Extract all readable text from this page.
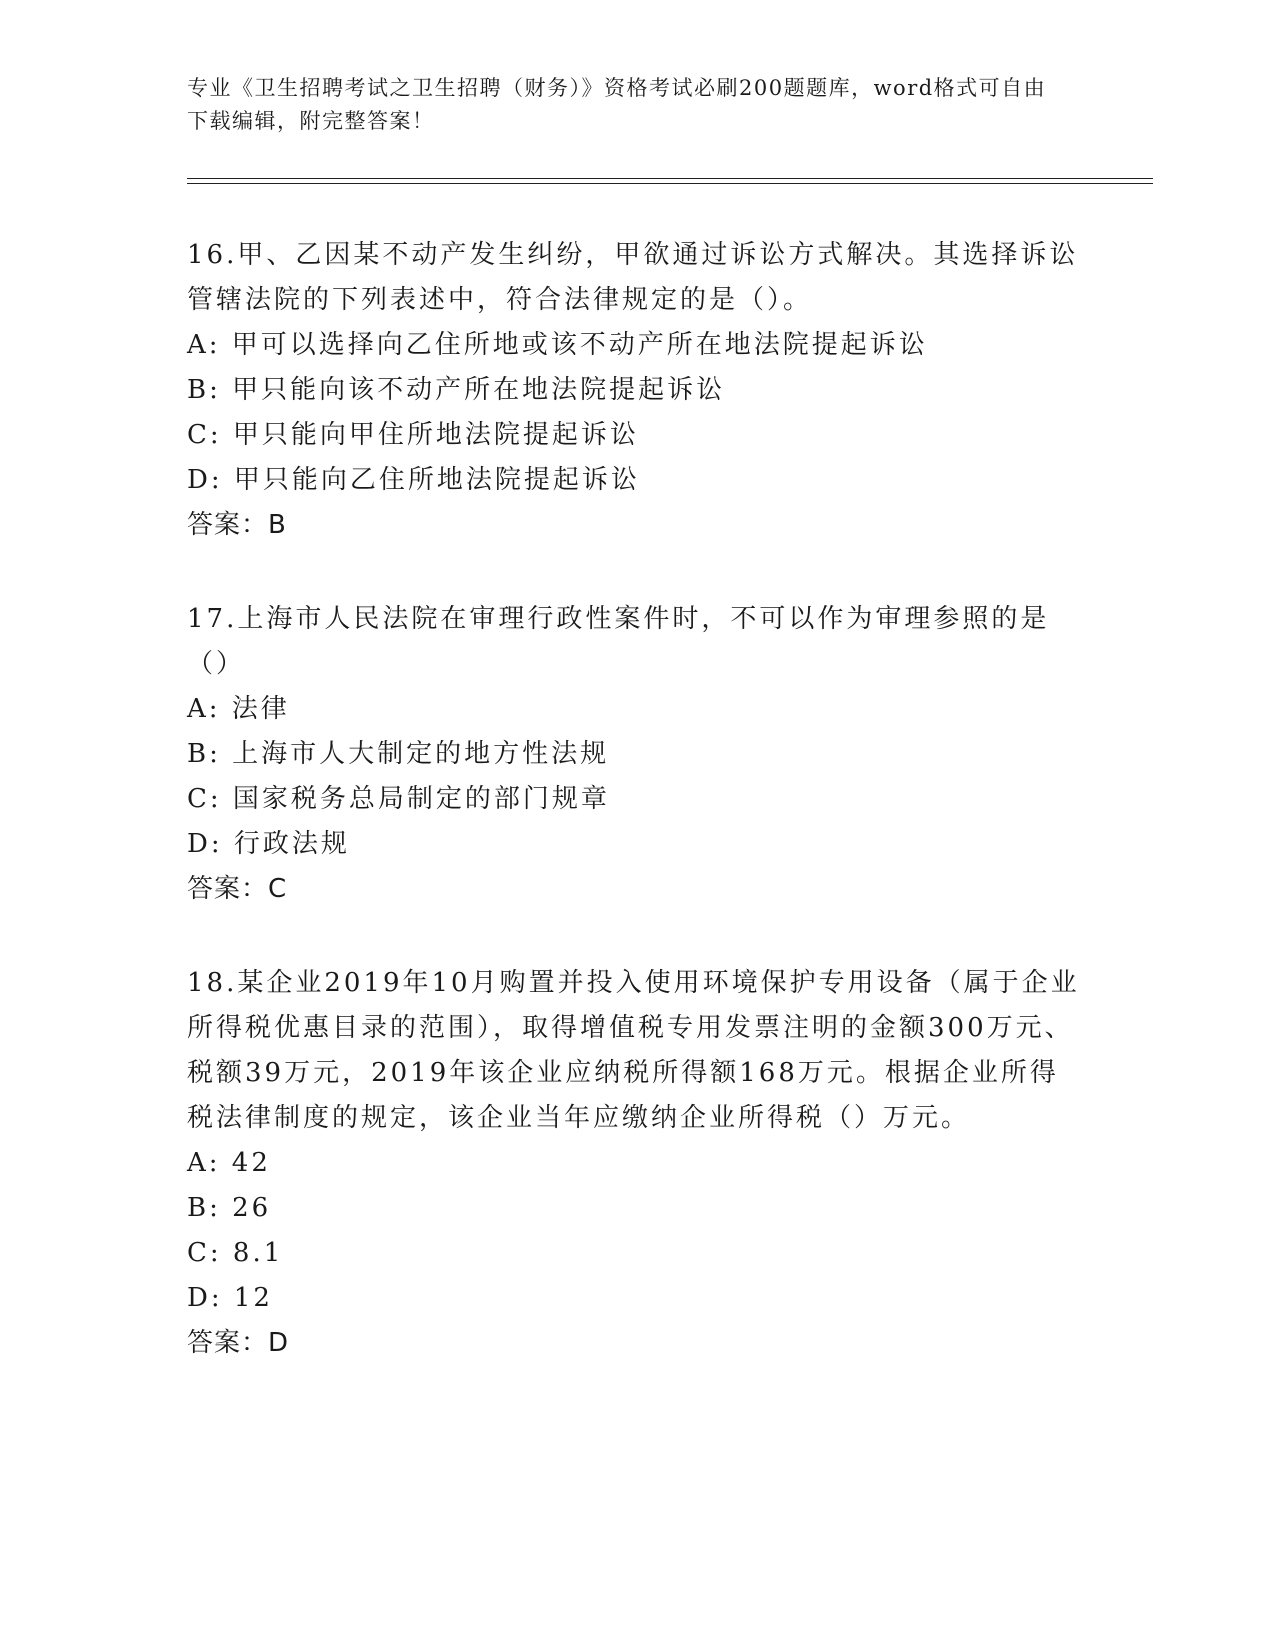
专业《卫生招聘考试之卫生招聘（财务）》资格考试必刷200题题库，word格式可自由下载编辑，附完整答案！

16.甲、乙因某不动产发生纠纷，甲欲通过诉讼方式解决。其选择诉讼管辖法院的下列表述中，符合法律规定的是（）。

A: 甲可以选择向乙住所地或该不动产所在地法院提起诉讼

B: 甲只能向该不动产所在地法院提起诉讼

C: 甲只能向甲住所地法院提起诉讼

D: 甲只能向乙住所地法院提起诉讼

答案：B

17.上海市人民法院在审理行政性案件时，不可以作为审理参照的是（）

A: 法律

B: 上海市人大制定的地方性法规

C: 国家税务总局制定的部门规章

D: 行政法规

答案：C

18.某企业2019年10月购置并投入使用环境保护专用设备（属于企业所得税优惠目录的范围），取得增值税专用发票注明的金额300万元、税额39万元，2019年该企业应纳税所得额168万元。根据企业所得税法律制度的规定，该企业当年应缴纳企业所得税（）万元。

A: 42

B: 26

C: 8.1

D: 12

答案：D
